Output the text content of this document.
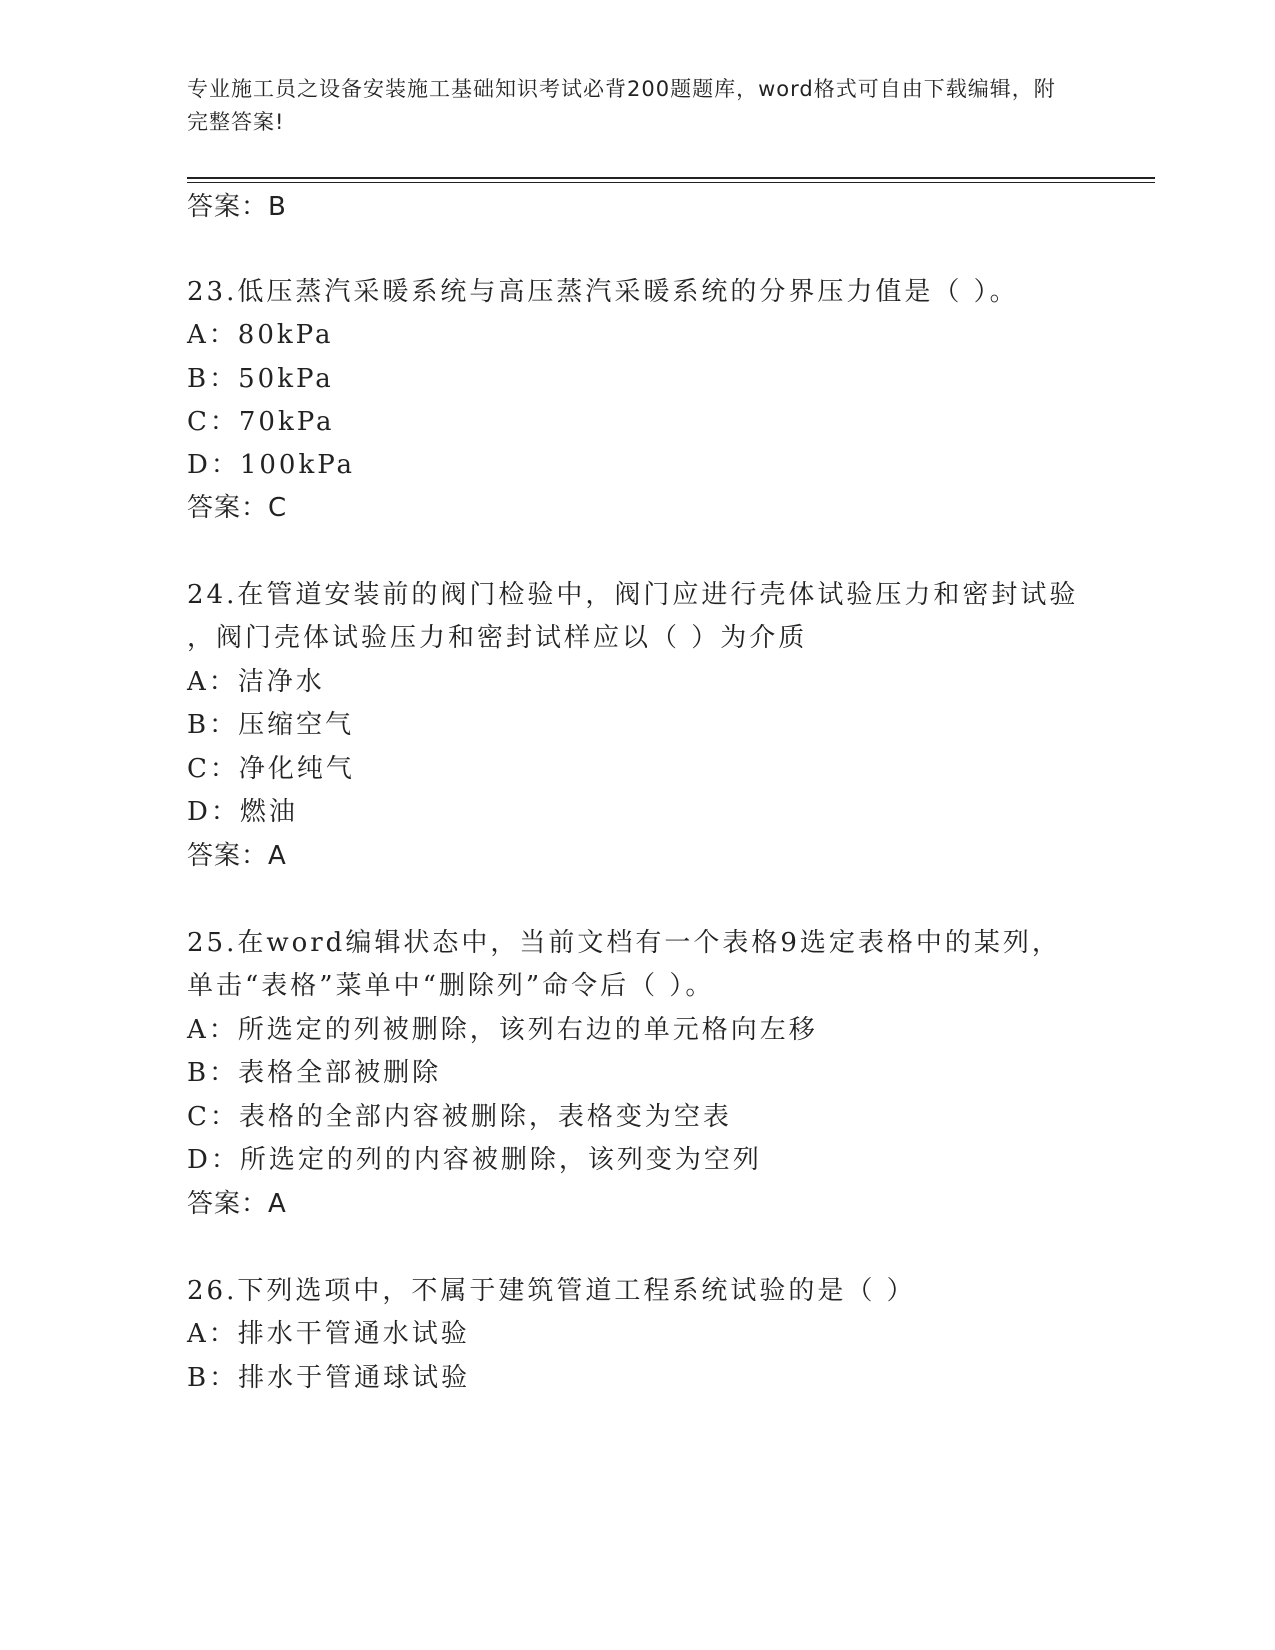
专业施工员之设备安装施工基础知识考试必背200题题库，word格式可自由下载编辑，附完整答案!
答案：B
23.低压蒸汽采暖系统与高压蒸汽采暖系统的分界压力值是（ ）。
A：80kPa
B：50kPa
C：70kPa
D：100kPa
答案：C
24.在管道安装前的阀门检验中，阀门应进行壳体试验压力和密封试验
，阀门壳体试验压力和密封试样应以（ ）为介质
A：洁净水
B：压缩空气
C：净化纯气
D：燃油
答案：A
25.在word编辑状态中，当前文档有一个表格9选定表格中的某列，
单击“表格”菜单中“删除列”命令后（ ）。
A：所选定的列被删除，该列右边的单元格向左移
B：表格全部被删除
C：表格的全部内容被删除，表格变为空表
D：所选定的列的内容被删除，该列变为空列
答案：A
26.下列选项中，不属于建筑管道工程系统试验的是（ ）
A：排水干管通水试验
B：排水于管通球试验
